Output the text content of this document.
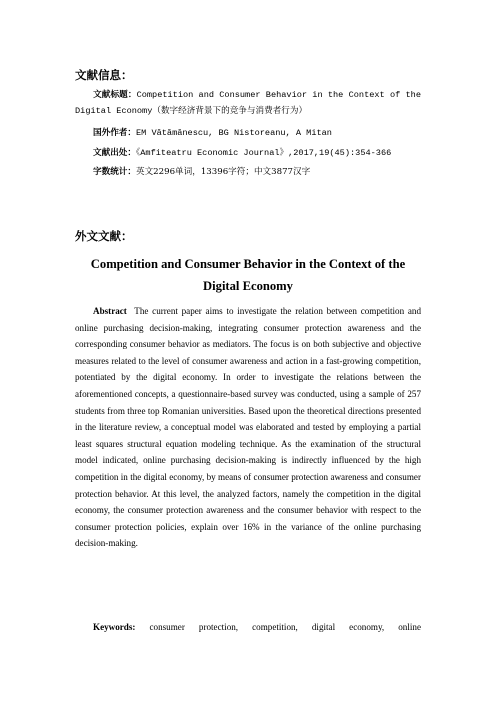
文献信息：
文献标题：Competition and Consumer Behavior in the Context of the Digital Economy（数字经济背景下的竞争与消费者行为）
国外作者：EM Vătămănescu, BG Nistoreanu, A Mitan
文献出处：《Amfiteatru Economic Journal》,2017,19(45):354-366
字数统计：英文2296单词，13396字符；中文3877汉字
外文文献：
Competition and Consumer Behavior in the Context of the Digital Economy
Abstract The current paper aims to investigate the relation between competition and online purchasing decision-making, integrating consumer protection awareness and the corresponding consumer behavior as mediators. The focus is on both subjective and objective measures related to the level of consumer awareness and action in a fast-growing competition, potentiated by the digital economy. In order to investigate the relations between the aforementioned concepts, a questionnaire-based survey was conducted, using a sample of 257 students from three top Romanian universities. Based upon the theoretical directions presented in the literature review, a conceptual model was elaborated and tested by employing a partial least squares structural equation modeling technique. As the examination of the structural model indicated, online purchasing decision-making is indirectly influenced by the high competition in the digital economy, by means of consumer protection awareness and consumer protection behavior. At this level, the analyzed factors, namely the competition in the digital economy, the consumer protection awareness and the consumer behavior with respect to the consumer protection policies, explain over 16% in the variance of the online purchasing decision-making.
Keywords: consumer protection, competition, digital economy, online
